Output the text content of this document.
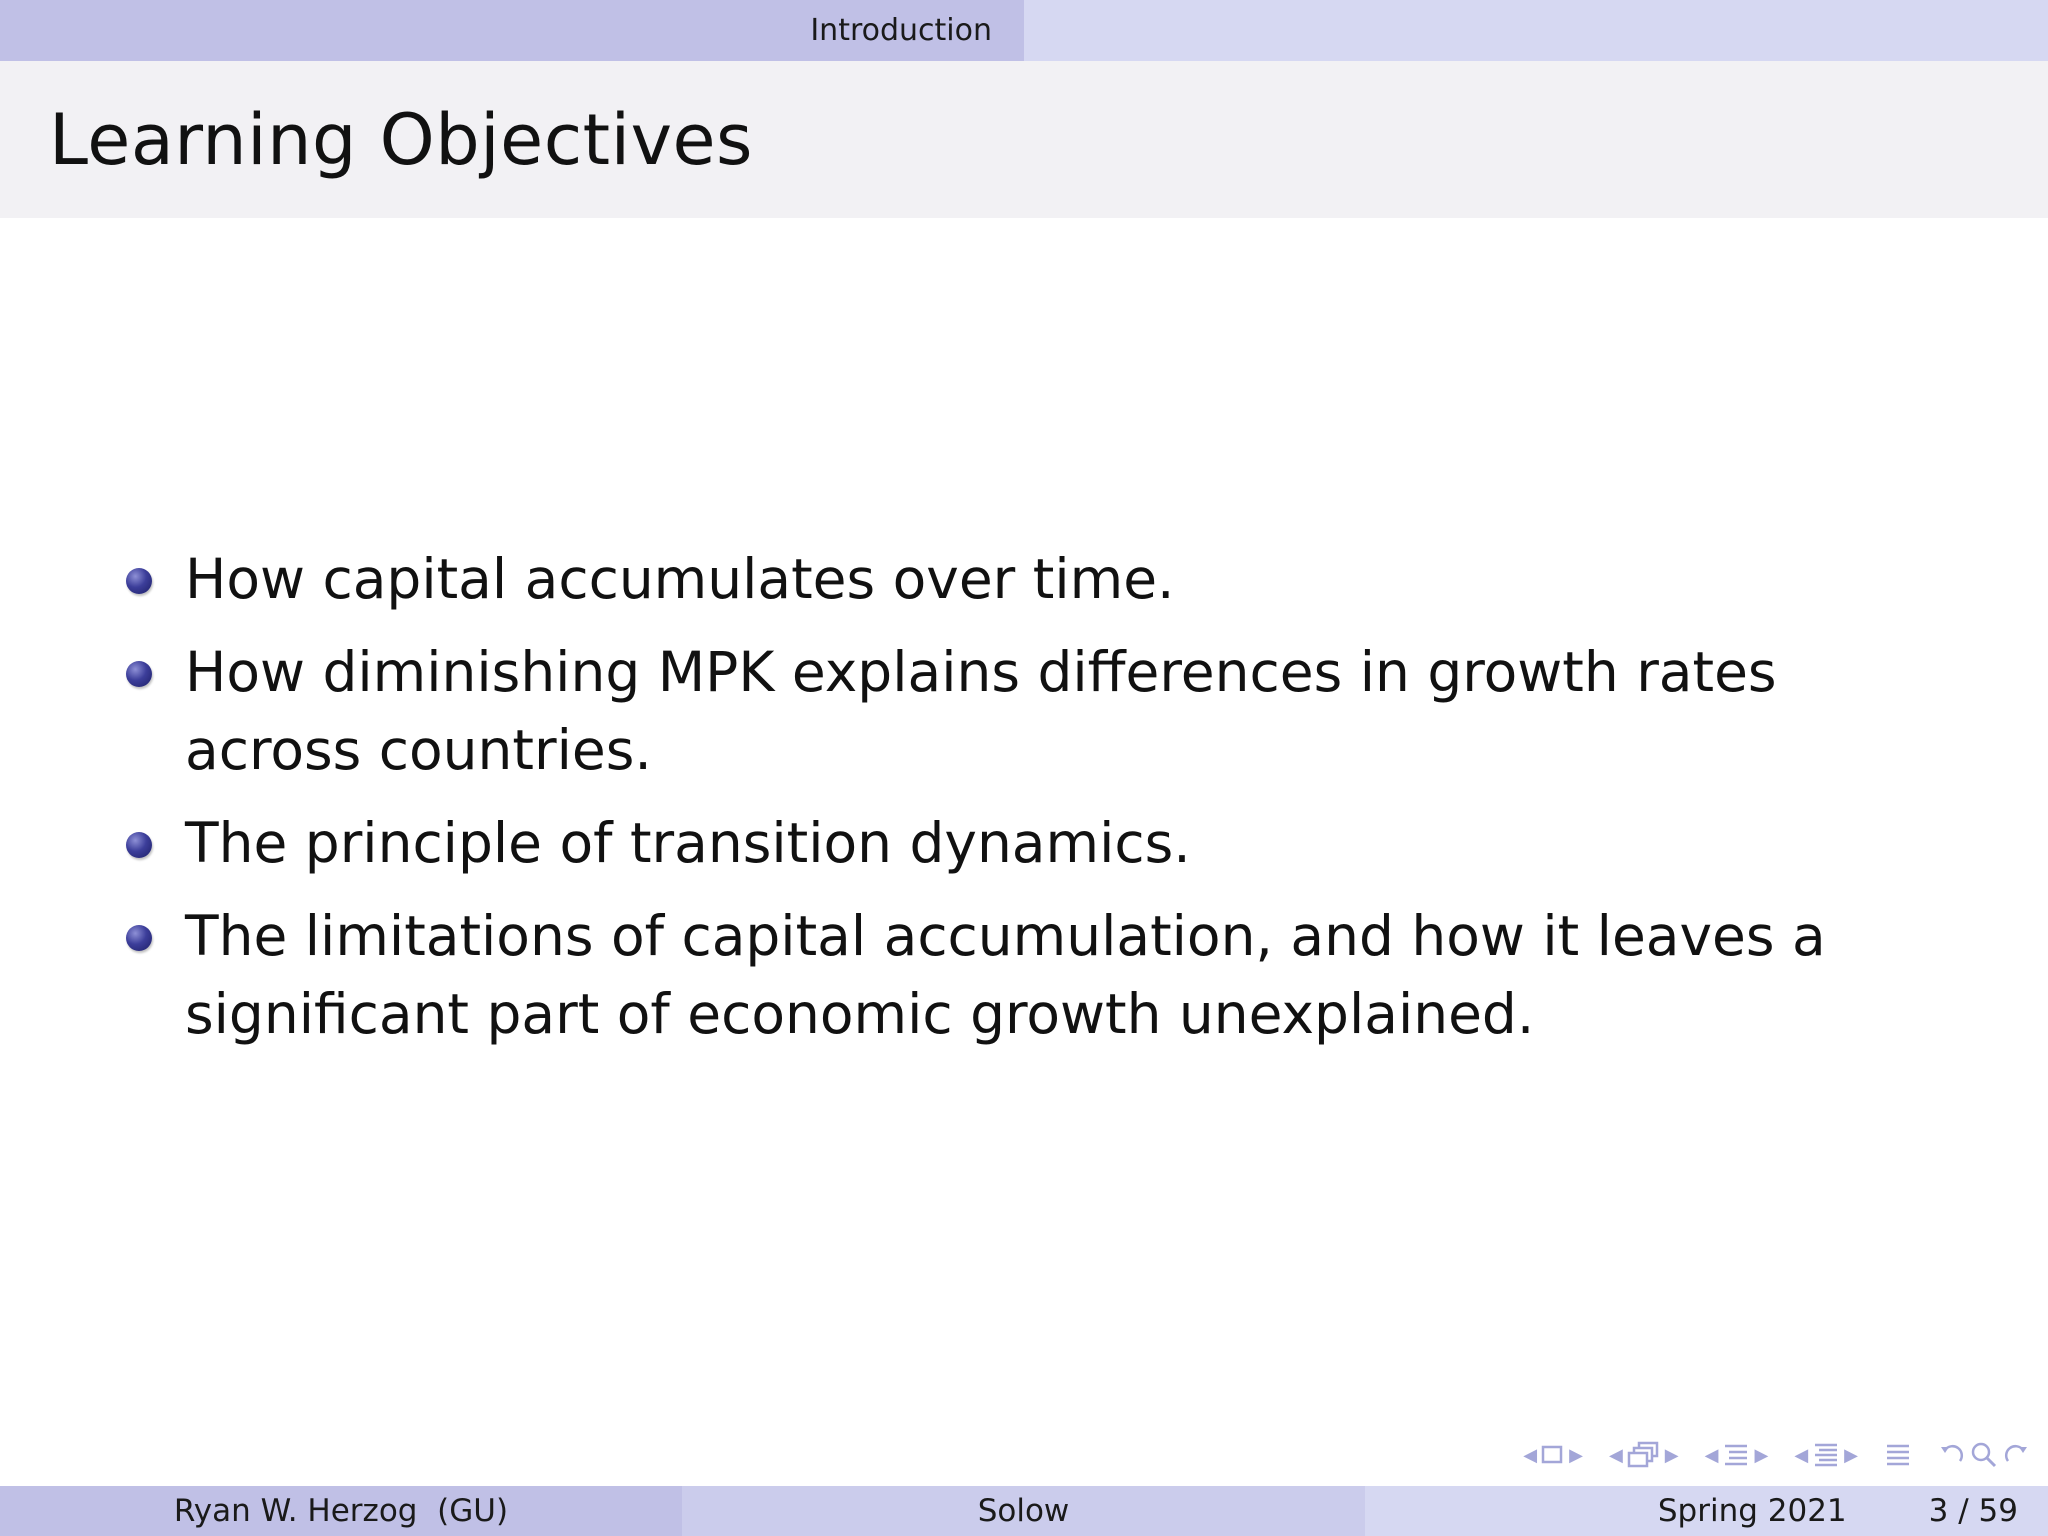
Introduction
Learning Objectives
How capital accumulates over time.
How diminishing MPK explains differences in growth rates across countries.
The principle of transition dynamics.
The limitations of capital accumulation, and how it leaves a significant part of economic growth unexplained.
◀ ▶ ◀ ▶ ◀ ▶ ◀ ▶
Ryan W. Herzog  (GU)	Solow	Spring 2021	3 / 59
